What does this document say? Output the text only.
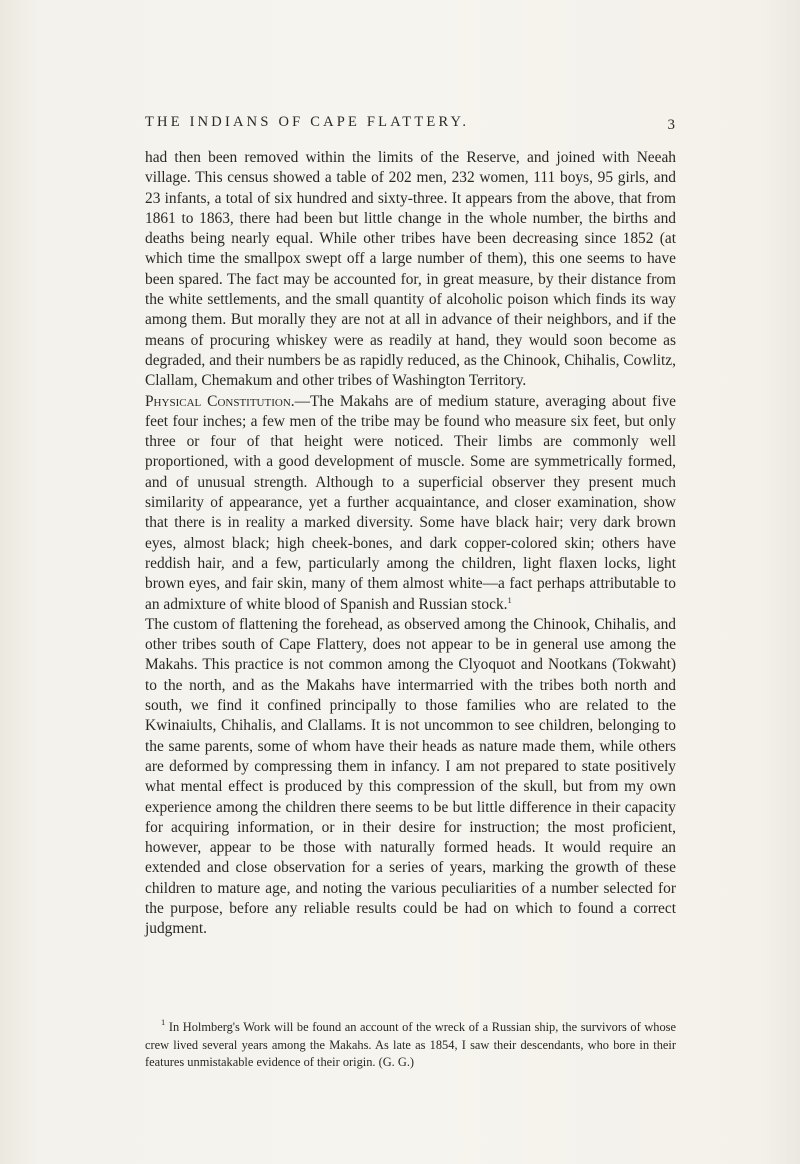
THE INDIANS OF CAPE FLATTERY.	3

had then been removed within the limits of the Reserve, and joined with Neeah village. This census showed a table of 202 men, 232 women, 111 boys, 95 girls, and 23 infants, a total of six hundred and sixty-three. It appears from the above, that from 1861 to 1863, there had been but little change in the whole number, the births and deaths being nearly equal. While other tribes have been decreasing since 1852 (at which time the smallpox swept off a large number of them), this one seems to have been spared. The fact may be accounted for, in great measure, by their distance from the white settlements, and the small quantity of alcoholic poison which finds its way among them. But morally they are not at all in advance of their neighbors, and if the means of procuring whiskey were as readily at hand, they would soon become as degraded, and their numbers be as rapidly reduced, as the Chinook, Chihalis, Cowlitz, Clallam, Chemakum and other tribes of Washington Territory.

Physical Constitution.—The Makahs are of medium stature, averaging about five feet four inches; a few men of the tribe may be found who measure six feet, but only three or four of that height were noticed. Their limbs are commonly well proportioned, with a good development of muscle. Some are symmetrically formed, and of unusual strength. Although to a superficial observer they present much similarity of appearance, yet a further acquaintance, and closer examination, show that there is in reality a marked diversity. Some have black hair; very dark brown eyes, almost black; high cheek-bones, and dark copper-colored skin; others have reddish hair, and a few, particularly among the children, light flaxen locks, light brown eyes, and fair skin, many of them almost white—a fact perhaps attributable to an admixture of white blood of Spanish and Russian stock.$^1$

The custom of flattening the forehead, as observed among the Chinook, Chihalis, and other tribes south of Cape Flattery, does not appear to be in general use among the Makahs. This practice is not common among the Clyoquot and Nootkans (Tokwaht) to the north, and as the Makahs have intermarried with the tribes both north and south, we find it confined principally to those families who are related to the Kwinaiults, Chihalis, and Clallams. It is not uncommon to see children, belonging to the same parents, some of whom have their heads as nature made them, while others are deformed by compressing them in infancy. I am not prepared to state positively what mental effect is produced by this compression of the skull, but from my own experience among the children there seems to be but little difference in their capacity for acquiring information, or in their desire for instruction; the most proficient, however, appear to be those with naturally formed heads. It would require an extended and close observation for a series of years, marking the growth of these children to mature age, and noting the various peculiarities of a number selected for the purpose, before any reliable results could be had on which to found a correct judgment.

$^1$ In Holmberg's Work will be found an account of the wreck of a Russian ship, the survivors of whose crew lived several years among the Makahs. As late as 1854, I saw their descendants, who bore in their features unmistakable evidence of their origin. (G. G.)
